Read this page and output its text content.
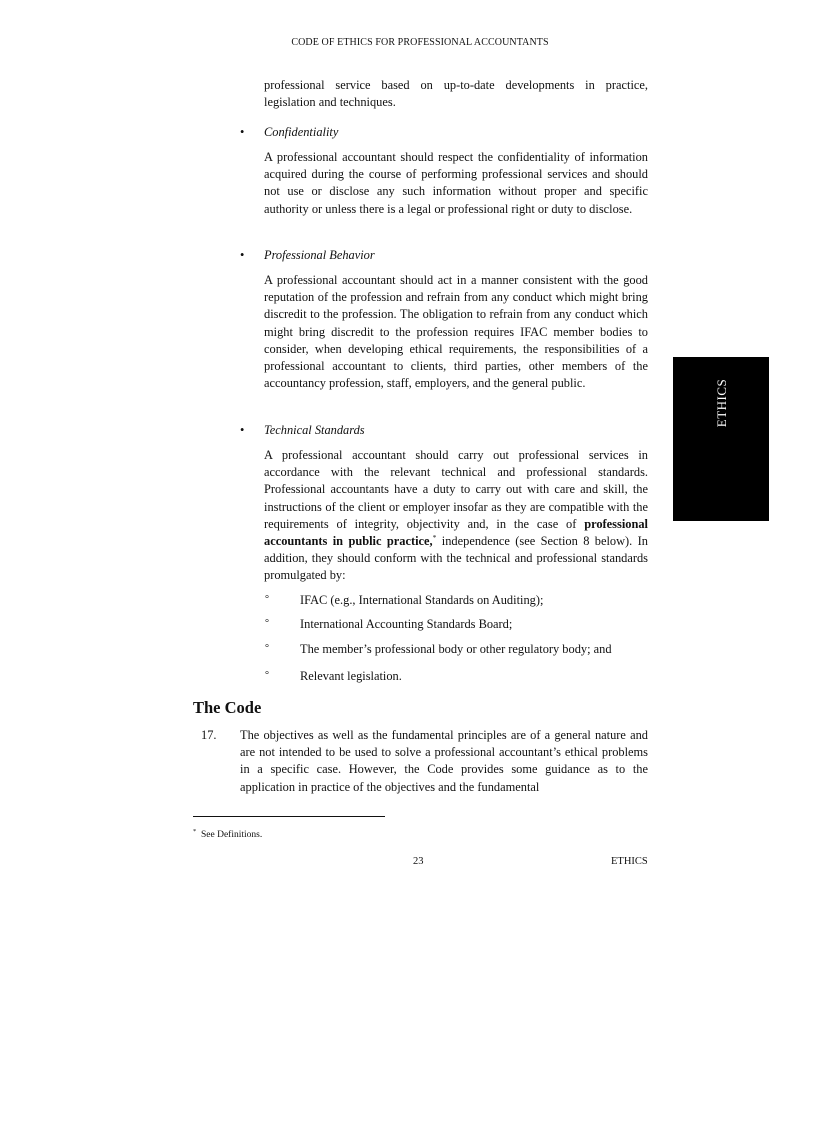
CODE OF ETHICS FOR PROFESSIONAL ACCOUNTANTS
professional service based on up-to-date developments in practice, legislation and techniques.
• Confidentiality
A professional accountant should respect the confidentiality of information acquired during the course of performing professional services and should not use or disclose any such information without proper and specific authority or unless there is a legal or professional right or duty to disclose.
• Professional Behavior
A professional accountant should act in a manner consistent with the good reputation of the profession and refrain from any conduct which might bring discredit to the profession. The obligation to refrain from any conduct which might bring discredit to the profession requires IFAC member bodies to consider, when developing ethical requirements, the responsibilities of a professional accountant to clients, third parties, other members of the accountancy profession, staff, employers, and the general public.
• Technical Standards
A professional accountant should carry out professional services in accordance with the relevant technical and professional standards. Professional accountants have a duty to carry out with care and skill, the instructions of the client or employer insofar as they are compatible with the requirements of integrity, objectivity and, in the case of professional accountants in public practice,* independence (see Section 8 below). In addition, they should conform with the technical and professional standards promulgated by:
°	IFAC (e.g., International Standards on Auditing);
°	International Accounting Standards Board;
°	The member’s professional body or other regulatory body; and
°	Relevant legislation.
The Code
17. The objectives as well as the fundamental principles are of a general nature and are not intended to be used to solve a professional accountant’s ethical problems in a specific case. However, the Code provides some guidance as to the application in practice of the objectives and the fundamental
* See Definitions.
23	ETHICS
ETHICS
